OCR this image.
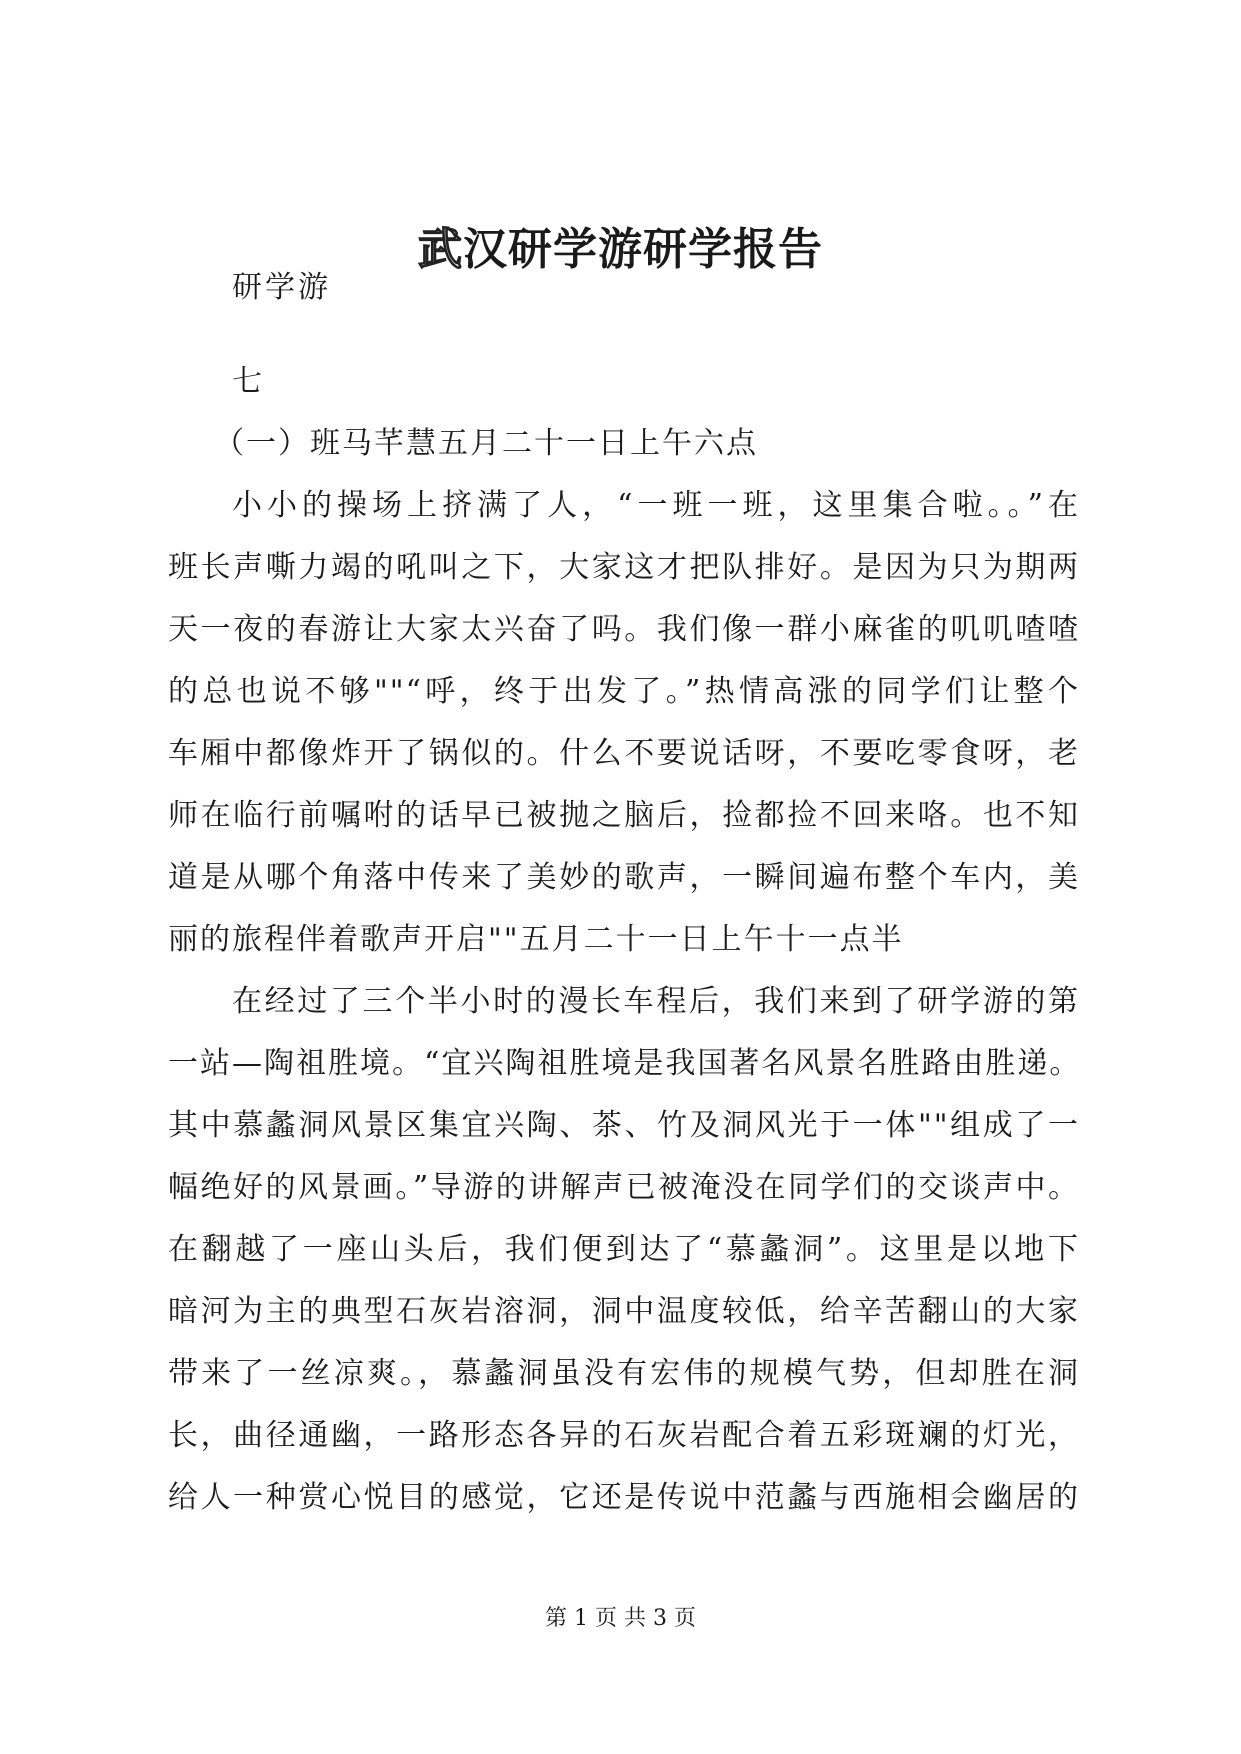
武汉研学游研学报告
研学游
七
（一）班马芊慧五月二十一日上午六点
小小的操场上挤满了人，“一班一班，这里集合啦。。”在
班长声嘶力竭的吼叫之下，大家这才把队排好。是因为只为期两
天一夜的春游让大家太兴奋了吗。我们像一群小麻雀的叽叽喳喳
的总也说不够""“呼，终于出发了。”热情高涨的同学们让整个
车厢中都像炸开了锅似的。什么不要说话呀，不要吃零食呀，老
师在临行前嘱咐的话早已被抛之脑后，捡都捡不回来咯。也不知
道是从哪个角落中传来了美妙的歌声，一瞬间遍布整个车内，美
丽的旅程伴着歌声开启""五月二十一日上午十一点半
在经过了三个半小时的漫长车程后，我们来到了研学游的第
一站—陶祖胜境。“宜兴陶祖胜境是我国著名风景名胜路由胜递。
其中慕蠡洞风景区集宜兴陶、茶、竹及洞风光于一体""组成了一
幅绝好的风景画。”导游的讲解声已被淹没在同学们的交谈声中。
在翻越了一座山头后，我们便到达了“慕蠡洞”。这里是以地下
暗河为主的典型石灰岩溶洞，洞中温度较低，给辛苦翻山的大家
带来了一丝凉爽。，慕蠡洞虽没有宏伟的规模气势，但却胜在洞
长，曲径通幽，一路形态各异的石灰岩配合着五彩斑斓的灯光，
给人一种赏心悦目的感觉，它还是传说中范蠡与西施相会幽居的
第 1 页 共 3 页
